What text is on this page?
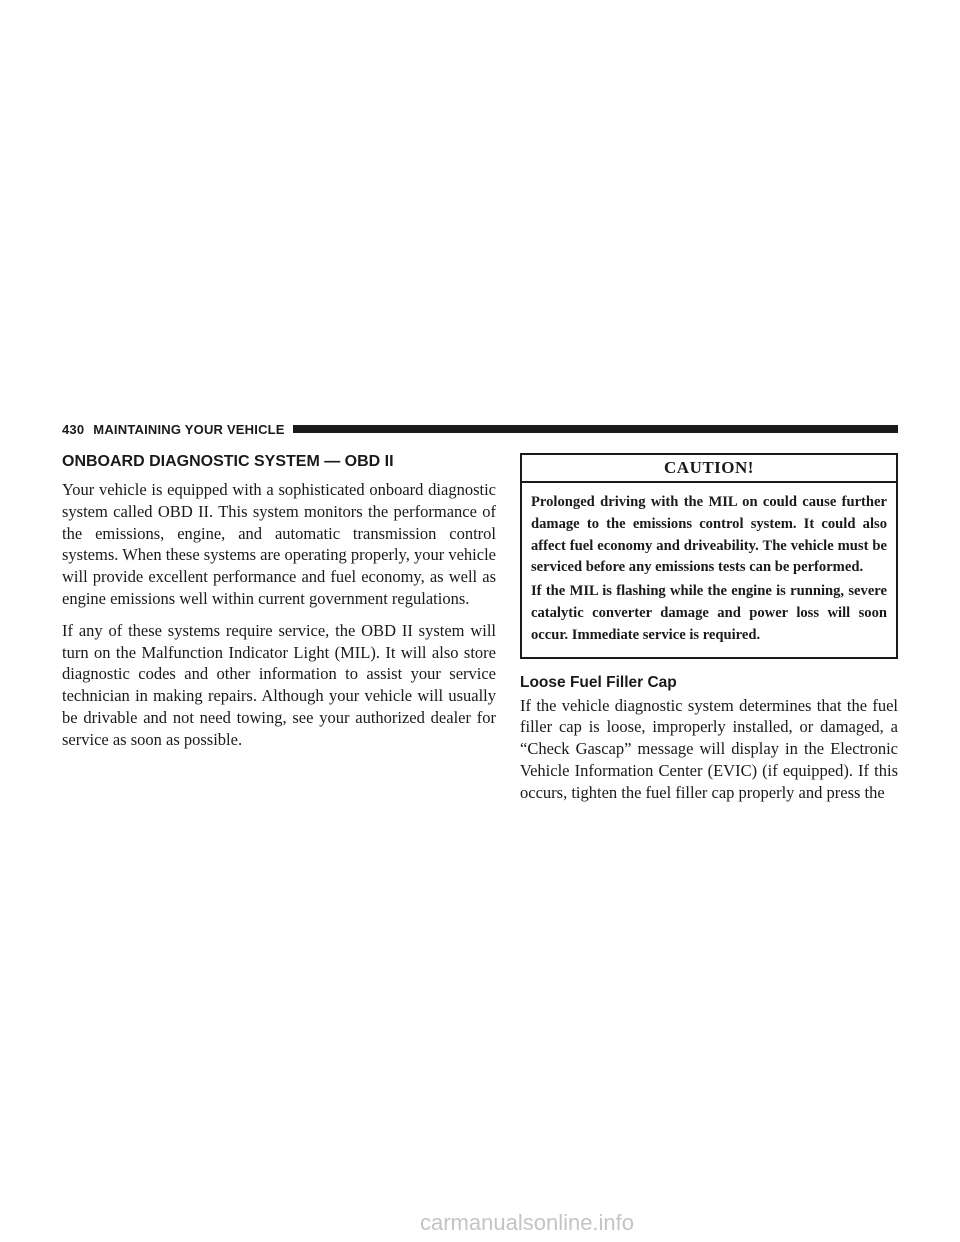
430 MAINTAINING YOUR VEHICLE
ONBOARD DIAGNOSTIC SYSTEM — OBD II

Your vehicle is equipped with a sophisticated onboard diagnostic system called OBD II. This system monitors the performance of the emissions, engine, and automatic transmission control systems. When these systems are operating properly, your vehicle will provide excellent performance and fuel economy, as well as engine emissions well within current government regulations.

If any of these systems require service, the OBD II system will turn on the Malfunction Indicator Light (MIL). It will also store diagnostic codes and other information to assist your service technician in making repairs. Although your vehicle will usually be drivable and not need towing, see your authorized dealer for service as soon as possible.

CAUTION!

Prolonged driving with the MIL on could cause further damage to the emissions control system. It could also affect fuel economy and driveability. The vehicle must be serviced before any emissions tests can be performed.

If the MIL is flashing while the engine is running, severe catalytic converter damage and power loss will soon occur. Immediate service is required.

Loose Fuel Filler Cap

If the vehicle diagnostic system determines that the fuel filler cap is loose, improperly installed, or damaged, a “Check Gascap” message will display in the Electronic Vehicle Information Center (EVIC) (if equipped). If this occurs, tighten the fuel filler cap properly and press the

carmanualsonline.info
